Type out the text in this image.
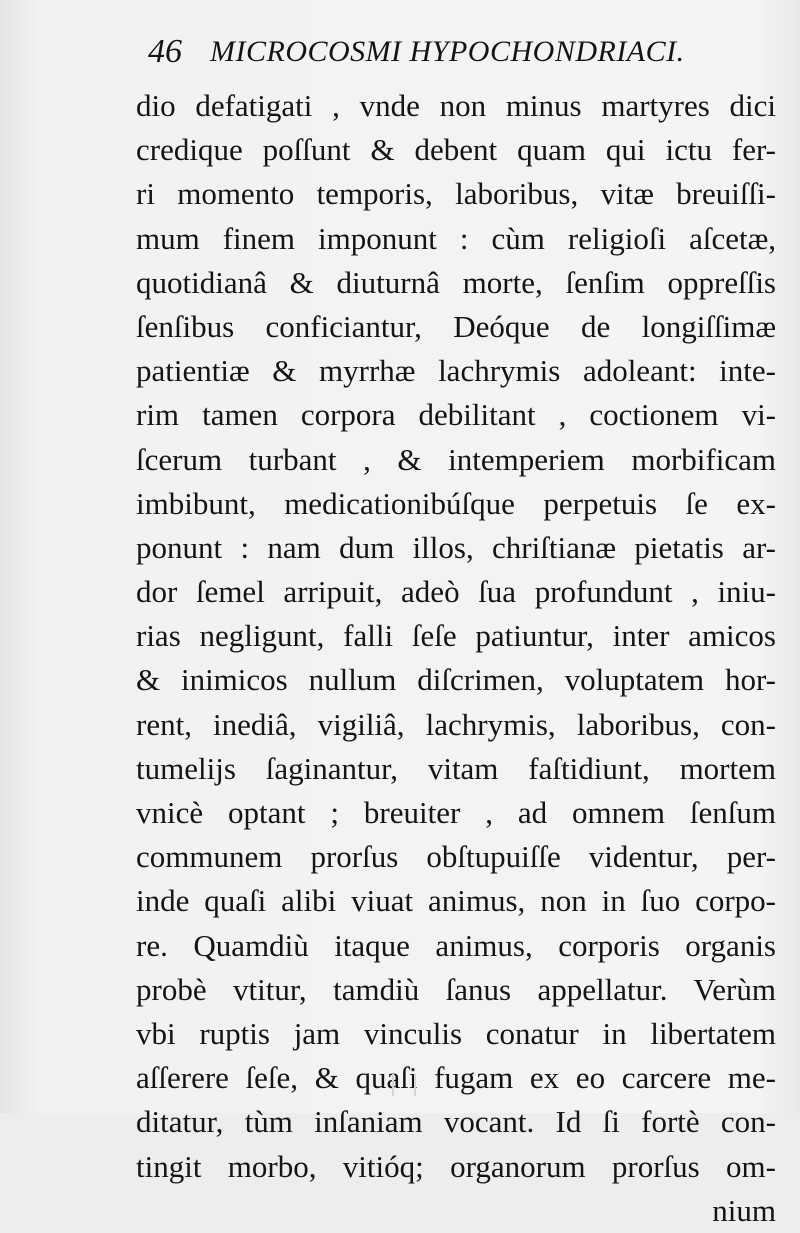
46 MICROCOSMI HYPOCHONDRIACI.
dio defatigati , vnde non minus martyres dici
credique poſſunt & debent quam qui ictu fer-
ri momento temporis, laboribus, vitæ breuiſſi-
mum finem imponunt : cùm religioſi aſcetæ,
quotidianâ & diuturnâ morte, ſenſim oppreſſis
ſenſibus conficiantur, Deóque de longiſſimæ
patientiæ & myrrhæ lachrymis adoleant: inte-
rim tamen corpora debilitant , coctionem vi-
ſcerum turbant , & intemperiem morbificam
imbibunt, medicationibúſque perpetuis ſe ex-
ponunt : nam dum illos, chriſtianæ pietatis ar-
dor ſemel arripuit, adeò ſua profundunt , iniu-
rias negligunt, falli ſeſe patiuntur, inter amicos
& inimicos nullum diſcrimen, voluptatem hor-
rent, inediâ, vigiliâ, lachrymis, laboribus, con-
tumelijs ſaginantur, vitam faſtidiunt, mortem
vnicè optant ; breuiter , ad omnem ſenſum
communem prorſus obſtupuiſſe videntur, per-
inde quaſi alibi viuat animus, non in ſuo corpo-
re. Quamdiù itaque animus, corporis organis
probè vtitur, tamdiù ſanus appellatur. Verùm
vbi ruptis jam vinculis conatur in libertatem
aſſerere ſeſe, & quaſi fugam ex eo carcere me-
ditatur, tùm inſaniam vocant. Id ſi fortè con-
tingit morbo, vitióq; organorum prorſus om-
nium
